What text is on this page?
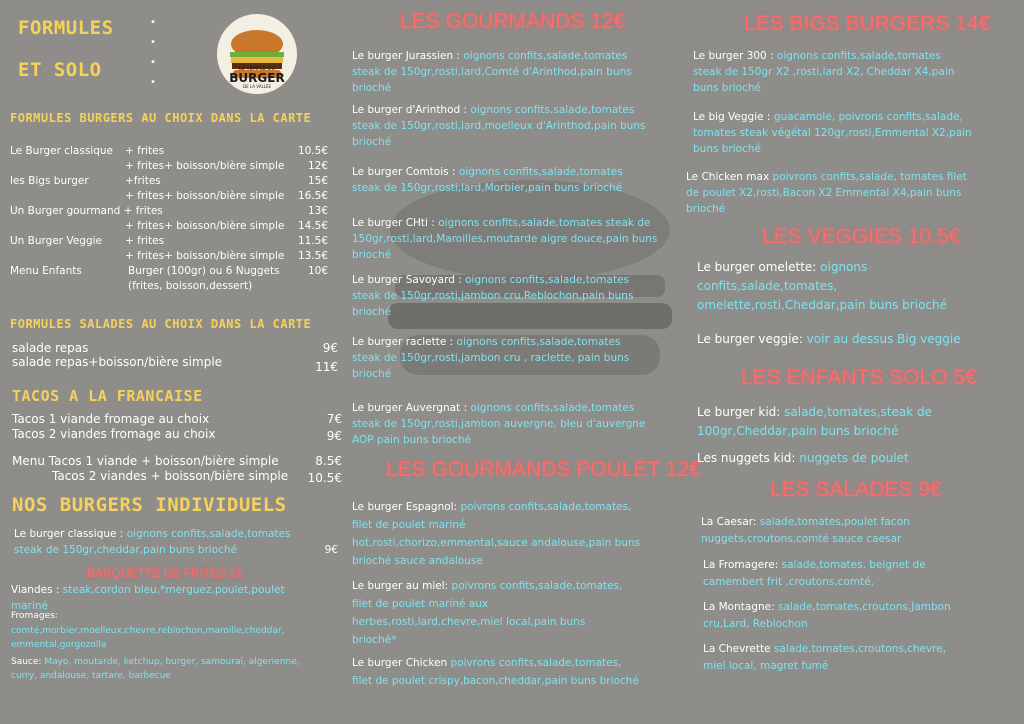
FORMULES
ET SOLO
•

•

•

•
LE TEMPLE DU
BURGER
DE LA VALLÉE
FORMULES BURGERS AU CHOIX DANS LA CARTE
Le Burger classique + frites	10.5€
+ frites+ boisson/bière simple 12€
les Bigs burger	+frites	15€
+ frites+ boisson/bière simple 16.5€
Un Burger gourmand + frites	13€
+ frites+ boisson/bière simple 14.5€
Un Burger Veggie + frites	11.5€
+ frites+ boisson/bière simple 13.5€
Menu Enfants	Burger (100gr) ou 6 Nuggets	10€
(frites, boisson,dessert)
FORMULES SALADES AU CHOIX DANS LA CARTE
salade repas	9€
salade repas+boisson/bière simple	11€
TACOS A LA FRANCAISE
Tacos 1 viande fromage au choix	7€
Tacos 2 viandes fromage au choix	9€
Menu Tacos 1 viande + boisson/bière simple	8.5€
Tacos 2 viandes + boisson/bière simple	10.5€
NOS BURGERS INDIVIDUELS
Le burger classique : oignons confits,salade,tomates
steak de 150gr,cheddar,pain buns brioché	9€
BARQUETTE DE FRITES 2€
Viandes : steak,cordon bleu,*merguez,poulet,poulet
mariné
Fromages:
comté,morbier,moelleux,chevre,reblochon,maroille,cheddar,
emmental,gorgozolla
Sauce: Mayo, moutarde, ketchup, burger, samouraï, algerienne,
curry, andalouse, tartare, barbecue
LES GOURMANDS 12€
Le burger Jurassien : oignons confits,salade,tomates
steak de 150gr,rosti,lard,Comté d'Arinthod,pain buns
brioché
Le burger d'Arinthod : oignons confits,salade,tomates
steak de 150gr,rosti,lard,moelleux d'Arinthod,pain buns
brioché
Le burger Comtois : oignons confits,salade,tomates
steak de 150gr,rosti,lard,Morbier,pain buns brioché
Le burger CHti : oignons confits,salade,tomates steak de
150gr,rosti,lard,Maroilles,moutarde aigre douce,pain buns
brioché
Le burger Savoyard : oignons confits,salade,tomates
steak de 150gr,rosti,jambon cru,Reblochon,pain buns
brioché
Le burger raclette : oignons confits,salade,tomates
steak de 150gr,rosti,jambon cru , raclette, pain buns
brioché
Le burger Auvergnat : oignons confits,salade,tomates
steak de 150gr,rosti,jambon auvergne, bleu d'auvergne
AOP pain buns brioché
LES GOURMANDS POULET 12€
Le burger Espagnol: poivrons confits,salade,tomates,
filet de poulet mariné
hot,rosti,chorizo,emmental,sauce andalouse,pain buns
brioché sauce andalouse
Le burger au miel: poivrons confits,salade,tomates,
filet de poulet mariné aux
herbes,rosti,lard,chevre,miel local,pain buns
brioché*
Le burger Chicken poivrons confits,salade,tomates,
filet de poulet crispy,bacon,cheddar,pain buns brioché
LES BIGS BURGERS 14€
Le burger 300 : oignons confits,salade,tomates
steak de 150gr X2 ,rosti,lard X2, Cheddar X4,pain
buns brioché
Le big Veggie : guacamole, poivrons confits,salade,
tomates steak végétal 120gr,rosti,Emmental X2,pain
buns brioché
Le Chicken max poivrons confits,salade, tomates filet
de poulet X2,rosti,Bacon X2 Emmental X4,pain buns
brioché
LES VEGGIES 10.5€
Le burger omelette: oignons
confits,salade,tomates,
omelette,rosti,Cheddar,pain buns brioché
Le burger veggie: voir au dessus Big veggie
LES ENFANTS SOLO 5€
Le burger kid: salade,tomates,steak de
100gr,Cheddar,pain buns brioché
Les nuggets kid: nuggets de poulet
LES SALADES 9€
La Caesar: salade,tomates,poulet facon
nuggets,croutons,comté sauce caesar
La Fromagere: salade,tomates, beignet de
camembert frit ,croutons,comté,
La Montagne: salade,tomates,croutons,Jambon
cru,Lard, Reblochon
La Chevrette salade,tomates,croutons,chevre,
miel local, magret fumé
